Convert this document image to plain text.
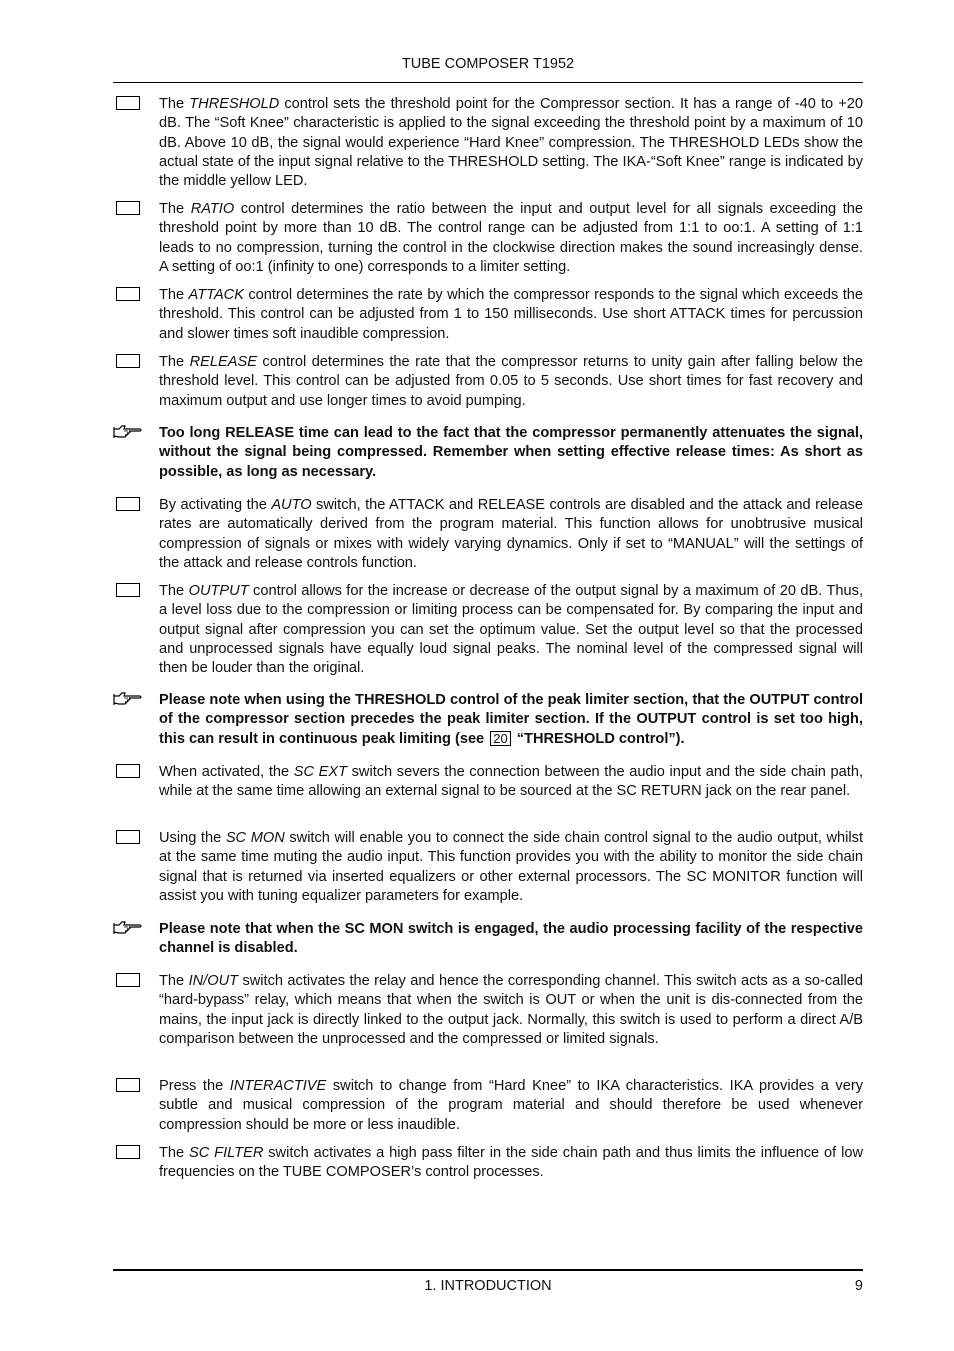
TUBE COMPOSER T1952
The THRESHOLD control sets the threshold point for the Compressor section. It has a range of -40 to +20 dB. The “Soft Knee” characteristic is applied to the signal exceeding the threshold point by a maximum of 10 dB. Above 10 dB, the signal would experience “Hard Knee” compression. The THRESHOLD LEDs show the actual state of the input signal relative to the THRESHOLD setting. The IKA-“Soft Knee” range is indicated by the middle yellow LED.
The RATIO control determines the ratio between the input and output level for all signals exceeding the threshold point by more than 10 dB. The control range can be adjusted from 1:1 to oo:1. A setting of 1:1 leads to no compression, turning the control in the clockwise direction makes the sound increasingly dense. A setting of oo:1 (infinity to one) corresponds to a limiter setting.
The ATTACK control determines the rate by which the compressor responds to the signal which exceeds the threshold. This control can be adjusted from 1 to 150 milliseconds. Use short ATTACK times for percussion and slower times soft inaudible compression.
The RELEASE control determines the rate that the compressor returns to unity gain after falling below the threshold level. This control can be adjusted from 0.05 to 5 seconds. Use short times for fast recovery and maximum output and use longer times to avoid pumping.
Too long RELEASE time can lead to the fact that the compressor permanently attenuates the signal, without the signal being compressed. Remember when setting effective release times: As short as possible, as long as necessary.
By activating the AUTO switch, the ATTACK and RELEASE controls are disabled and the attack and release rates are automatically derived from the program material. This function allows for unobtrusive musical compression of signals or mixes with widely varying dynamics. Only if set to “MANUAL” will the settings of the attack and release controls function.
The OUTPUT control allows for the increase or decrease of the output signal by a maximum of 20 dB. Thus, a level loss due to the compression or limiting process can be compensated for. By comparing the input and output signal after compression you can set the optimum value. Set the output level so that the processed and unprocessed signals have equally loud signal peaks. The nominal level of the compressed signal will then be louder than the original.
Please note when using the THRESHOLD control of the peak limiter section, that the OUTPUT control of the compressor section precedes the peak limiter section. If the OUTPUT control is set too high, this can result in continuous peak limiting (see 20 “THRESHOLD control”).
When activated, the SC EXT switch severs the connection between the audio input and the side chain path, while at the same time allowing an external signal to be sourced at the SC RETURN jack on the rear panel.
Using the SC MON switch will enable you to connect the side chain control signal to the audio output, whilst at the same time muting the audio input. This function provides you with the ability to monitor the side chain signal that is returned via inserted equalizers or other external processors. The SC MONITOR function will assist you with tuning equalizer parameters for example.
Please note that when the SC MON switch is engaged, the audio processing facility of the respective channel is disabled.
The IN/OUT switch activates the relay and hence the corresponding channel. This switch acts as a so-called “hard-bypass” relay, which means that when the switch is OUT or when the unit is dis-connected from the mains, the input jack is directly linked to the output jack. Normally, this switch is used to perform a direct A/B comparison between the unprocessed and the compressed or limited signals.
Press the INTERACTIVE switch to change from “Hard Knee” to IKA characteristics. IKA provides a very subtle and musical compression of the program material and should therefore be used whenever compression should be more or less inaudible.
The SC FILTER switch activates a high pass filter in the side chain path and thus limits the influence of low frequencies on the TUBE COMPOSER’s control processes.
1. INTRODUCTION	9
